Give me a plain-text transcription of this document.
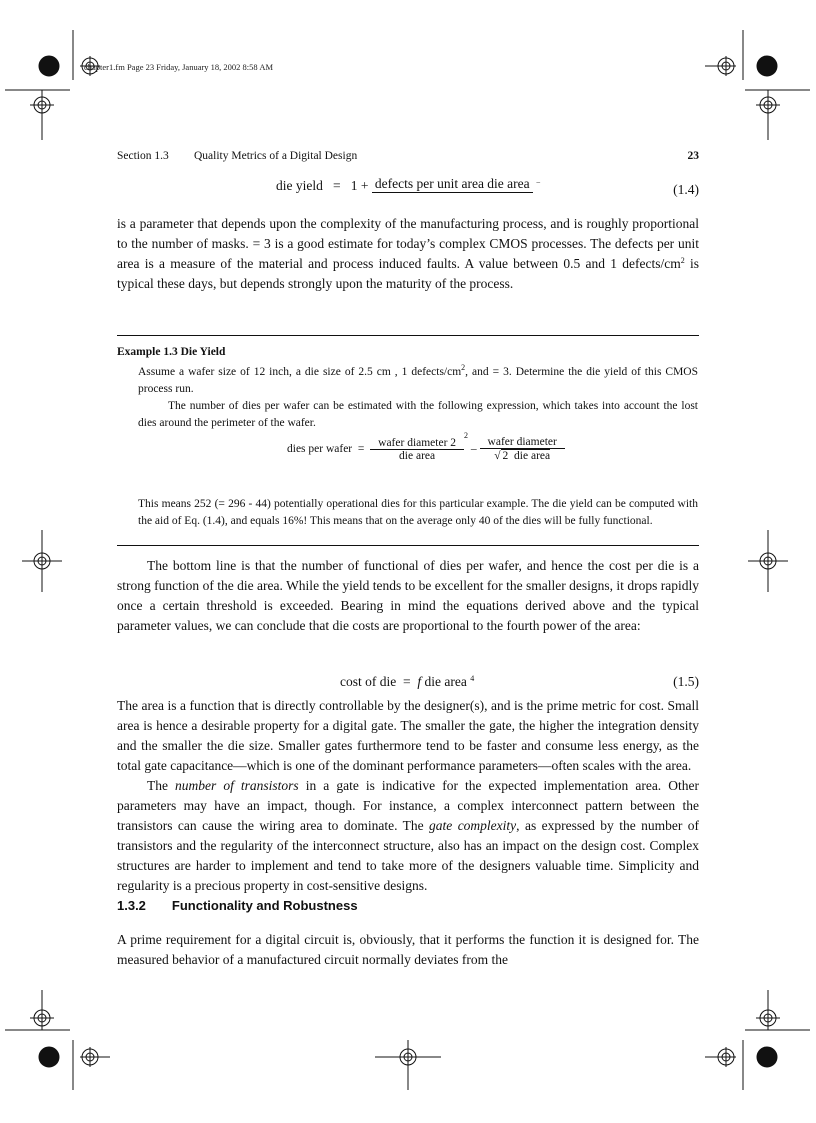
chapter1.fm Page 23 Friday, January 18, 2002 8:58 AM
Section 1.3 Quality Metrics of a Digital Design	23
die yield = 1 + defects per unit area die area −	(1.4)
is a parameter that depends upon the complexity of the manufacturing process, and is roughly proportional to the number of masks. = 3 is a good estimate for today’s complex CMOS processes. The defects per unit area is a measure of the material and process induced faults. A value between 0.5 and 1 defects/$cm^2$ is typical these days, but depends strongly upon the maturity of the process.
Example 1.3 Die Yield
Assume a wafer size of 12 inch, a die size of 2.5 cm , 1 defects/$cm^2$, and = 3. Determine the die yield of this CMOS process run.
The number of dies per wafer can be estimated with the following expression, which takes into account the lost dies around the perimeter of the wafer.
dies per wafer = $\frac{\text{wafer diameter 2}}{\text{die area}}$
$^2 - \frac{\text{wafer diameter}}{\text{√ 2 die area}}$
This means 252 (= 296 - 44) potentially operational dies for this particular example. The die yield can be computed with the aid of Eq. (1.4), and equals 16%! This means that on the average only 40 of the dies will be fully functional.
The bottom line is that the number of functional of dies per wafer, and hence the cost per die is a strong function of the die area. While the yield tends to be excellent for the smaller designs, it drops rapidly once a certain threshold is exceeded. Bearing in mind the equations derived above and the typical parameter values, we can conclude that die costs are proportional to the fourth power of the area:
cost of die = f die area $^4$	(1.5)
The area is a function that is directly controllable by the designer(s), and is the prime metric for cost. Small area is hence a desirable property for a digital gate. The smaller the gate, the higher the integration density and the smaller the die size. Smaller gates furthermore tend to be faster and consume less energy, as the total gate capacitance—which is one of the dominant performance parameters—often scales with the area.
The number of transistors in a gate is indicative for the expected implementation area. Other parameters may have an impact, though. For instance, a complex interconnect pattern between the transistors can cause the wiring area to dominate. The gate complexity, as expressed by the number of transistors and the regularity of the interconnect structure, also has an impact on the design cost. Complex structures are harder to implement and tend to take more of the designers valuable time. Simplicity and regularity is a precious property in cost-sensitive designs.
1.3.2 Functionality and Robustness
A prime requirement for a digital circuit is, obviously, that it performs the function it is designed for. The measured behavior of a manufactured circuit normally deviates from the
